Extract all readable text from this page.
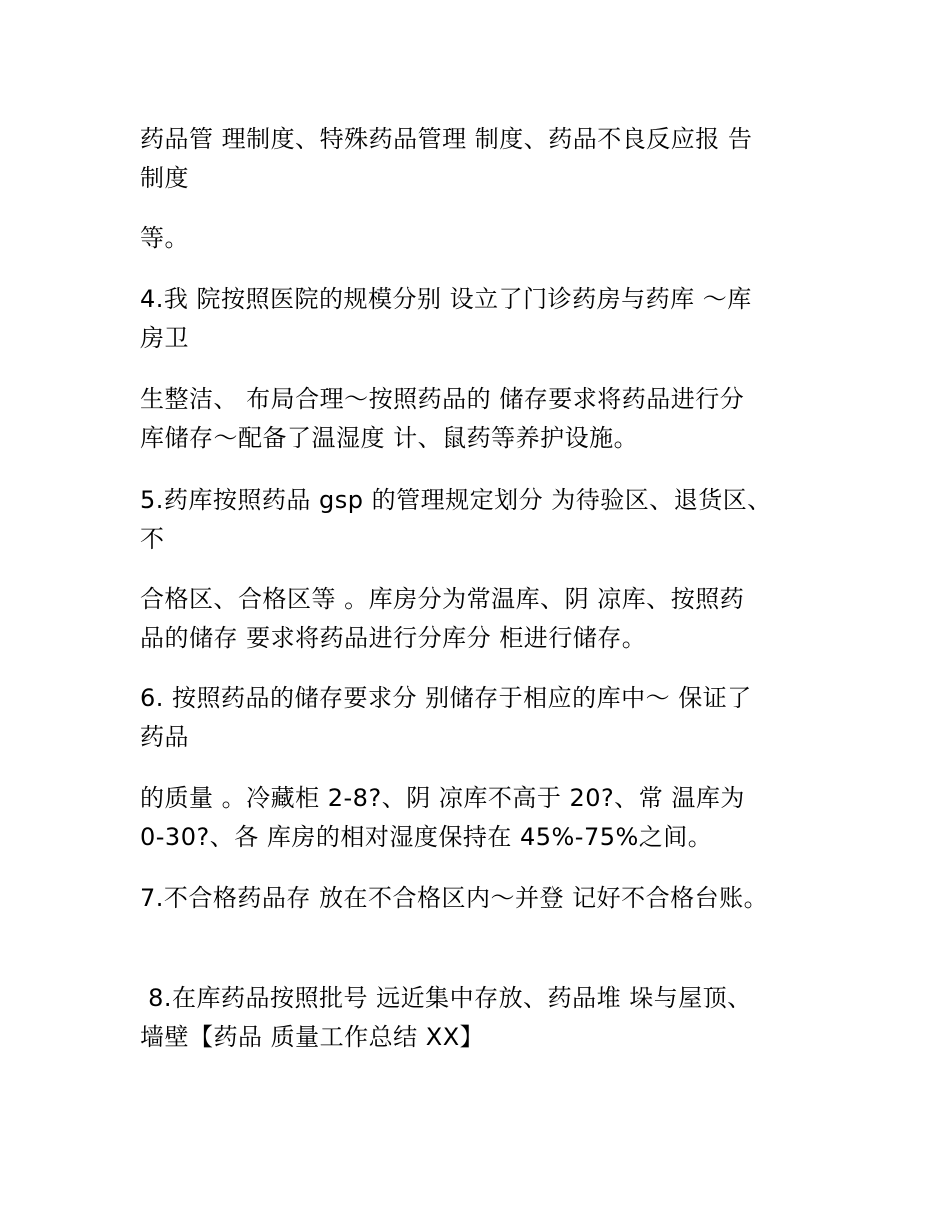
药品管 理制度、特殊药品管理 制度、药品不良反应报 告

制度

等。

4.我 院按照医院的规模分别 设立了门诊药房与药库 ～库

房卫

生整洁、 布局合理～按照药品的 储存要求将药品进行分

库储存～配备了温湿度 计、鼠药等养护设施。

5.药库按照药品 gsp 的管理规定划分 为待验区、退货区、

不

合格区、合格区等 。库房分为常温库、阴 凉库、按照药

品的储存 要求将药品进行分库分 柜进行储存。

6. 按照药品的储存要求分 别储存于相应的库中～ 保证了

药品

的质量 。冷藏柜 2-8?、阴 凉库不高于 20?、常 温库为

0-30?、各 库房的相对湿度保持在 45%-75%之间。

7.不合格药品存 放在不合格区内～并登 记好不合格台账。

8.在库药品按照批号 远近集中存放、药品堆 垛与屋顶、

墙壁【药品 质量工作总结 XX】
